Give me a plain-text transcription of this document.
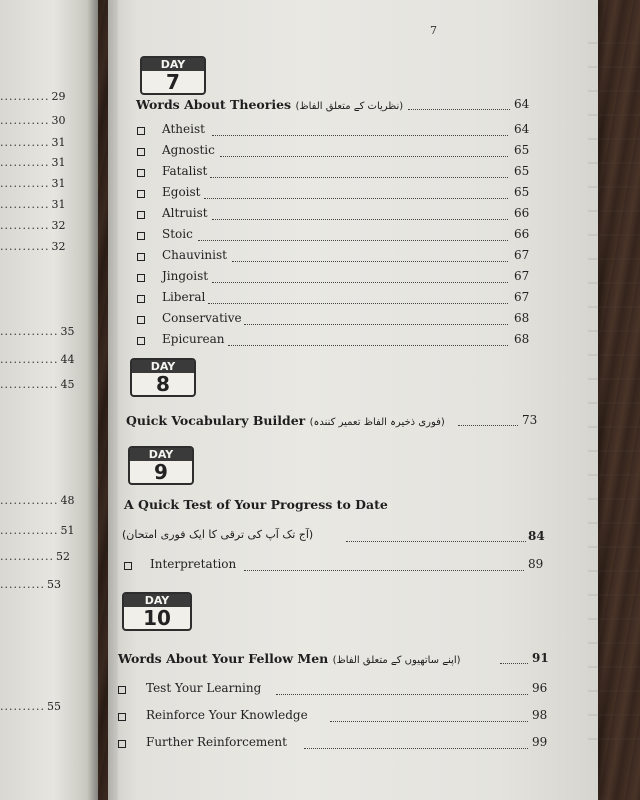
........... 29
........... 30
........... 31
........... 31
........... 31
........... 31
........... 32
........... 32
............. 35
............. 44
............. 45
............. 48
............. 51
............ 52
.......... 53
.......... 55
7
DAY
7
Words About Theories (نظریات کے متعلق الفاظ)	64
Atheist	64
Agnostic	65
Fatalist	65
Egoist	65
Altruist	66
Stoic	66
Chauvinist	67
Jingoist	67
Liberal	67
Conservative	68
Epicurean	68
DAY
8
Quick Vocabulary Builder (فوری ذخیرہ الفاظ تعمیر کنندہ)	73
DAY
9
A Quick Test of Your Progress to Date
(آج تک آپ کی ترقی کا ایک فوری امتحان)	84
Interpretation	89
DAY
10
Words About Your Fellow Men (اپنے ساتھیوں کے متعلق الفاظ)	91
Test Your Learning	96
Reinforce Your Knowledge	98
Further Reinforcement	99
